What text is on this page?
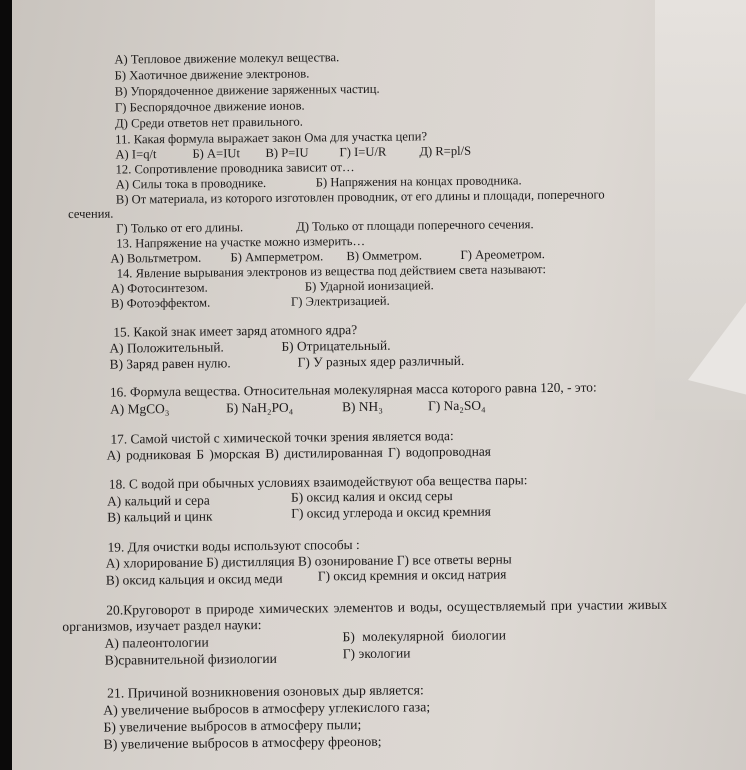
А) Тепловое движение молекул вещества.
Б) Хаотичное движение электронов.
В) Упорядоченное движение заряженных частиц.
Г) Беспорядочное движение ионов.
Д) Среди ответов нет правильного.
11. Какая формула выражает закон Ома для участка цепи?
А) I=q/t	Б) A=IUt В) P=IU Г) I=U/R	Д) R=pl/S
12. Сопротивление проводника зависит от…
А) Силы тока в проводнике.	Б) Напряжения на концах проводника.
В) От материала, из которого изготовлен проводник, от его длины и площади, поперечного
сечения.
Г) Только от его длины.	Д) Только от площади поперечного сечения.
13. Напряжение на участке можно измерить…
А) Вольтметром. Б) Амперметром. В) Омметром.	Г) Ареометром.
14. Явление вырывания электронов из вещества под действием света называют:
А) Фотосинтезом.	Б) Ударной ионизацией.
В) Фотоэффектом.	Г) Электризацией.
15. Какой знак имеет заряд атомного ядра?
А) Положительный.	Б) Отрицательный.
В) Заряд равен нулю.	Г) У разных ядер различный.
16. Формула вещества. Относительная молекулярная масса которого равна 120, - это:
А) MgCO₃	Б) NaH₂PO₄	В) NH₃	Г) Na₂SO₄
17. Самой чистой с химической точки зрения является вода:
А) родниковая Б )морская В) дистилированная Г) водопроводная
18. С водой при обычных условиях взаимодействуют оба вещества пары:
А) кальций и сера	Б) оксид калия и оксид серы
В) кальций и цинк	Г) оксид углерода и оксид кремния
19. Для очистки воды используют способы :
А) хлорирование Б) дистилляция В) озонирование Г) все ответы верны
В) оксид кальция и оксид меди	Г) оксид кремния и оксид натрия
20.Круговорот в природе химических элементов и воды, осуществляемый при участии живых
организмов, изучает раздел науки:
А) палеонтологии	Б) молекулярной биологии
В)сравнительной физиологии	Г) экологии
21. Причиной возникновения озоновых дыр является:
А) увеличение выбросов в атмосферу углекислого газа;
Б) увеличение выбросов в атмосферу пыли;
В) увеличение выбросов в атмосферу фреонов;
